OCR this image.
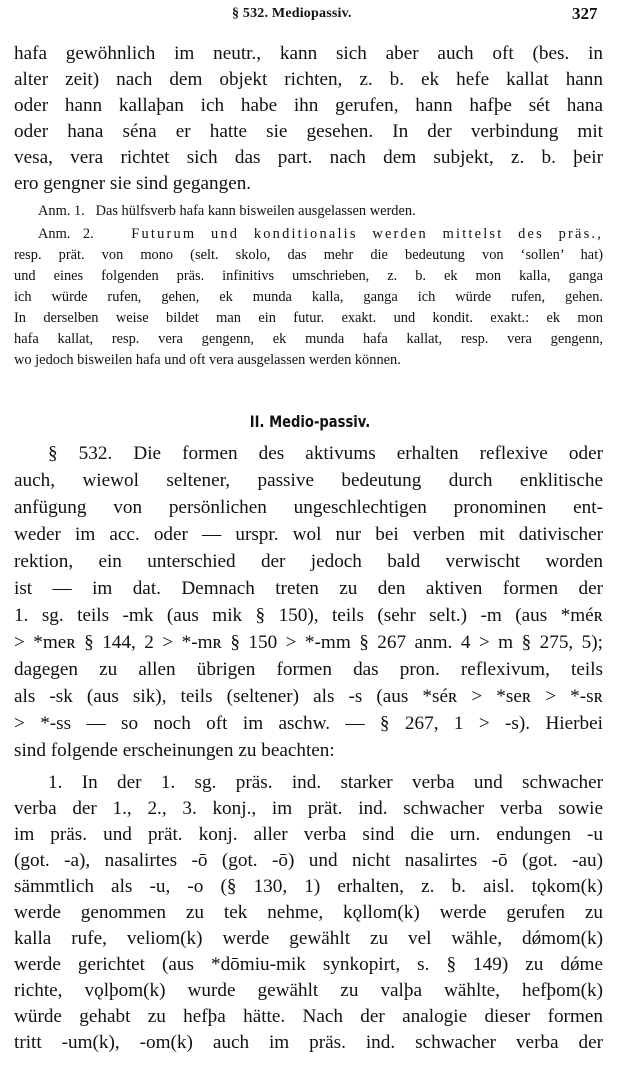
§ 532. Mediopassiv.	327
hafa gewöhnlich im neutr., kann sich aber auch oft (bes. in
alter zeit) nach dem objekt richten, z. b. ek hefe kallat hann
oder hann kallaþan ich habe ihn gerufen, hann hafþe sét hana
oder hana séna er hatte sie gesehen. In der verbindung mit
vesa, vera richtet sich das part. nach dem subjekt, z. b. þeir
ero gengner sie sind gegangen.
Anm. 1. Das hülfsverb hafa kann bisweilen ausgelassen werden.
Anm. 2.	Futurum und konditionalis werden mittelst des präs.,
resp. prät. von mono (selt. skolo, das mehr die bedeutung von ‘sollen’ hat)
und eines folgenden präs. infinitivs umschrieben, z. b. ek mon kalla, ganga
ich würde rufen, gehen, ek munda kalla, ganga ich würde rufen, gehen.
In derselben weise bildet man ein futur. exakt. und kondit. exakt.: ek mon
hafa kallat, resp. vera gengenn, ek munda hafa kallat, resp. vera gengenn,
wo jedoch bisweilen hafa und oft vera ausgelassen werden können.
II. Medio-passiv.
§ 532. Die formen des aktivums erhalten reflexive oder
auch, wiewol seltener, passive bedeutung durch enklitische
anfügung von persönlichen ungeschlechtigen pronominen ent-
weder im acc. oder — urspr. wol nur bei verben mit dativischer
rektion, ein unterschied der jedoch bald verwischt worden
ist — im dat. Demnach treten zu den aktiven formen der
1. sg. teils -mk (aus mik § 150), teils (sehr selt.) -m (aus *méʀ
> *meʀ § 144, 2 > *-mʀ § 150 > *-mm § 267 anm. 4 > m § 275, 5);
dagegen zu allen übrigen formen das pron. reflexivum, teils
als -sk (aus sik), teils (seltener) als -s (aus *séʀ > *seʀ > *-sʀ
> *-ss — so noch oft im aschw. — § 267, 1 > -s). Hierbei
sind folgende erscheinungen zu beachten:
1. In der 1. sg. präs. ind. starker verba und schwacher
verba der 1., 2., 3. konj., im prät. ind. schwacher verba sowie
im präs. und prät. konj. aller verba sind die urn. endungen -u
(got. -a), nasalirtes -ō (got. -ō) und nicht nasalirtes -ō (got. -au)
sämmtlich als -u, -o (§ 130, 1) erhalten, z. b. aisl. tǫkom(k)
werde genommen zu tek nehme, kǫllom(k) werde gerufen zu
kalla rufe, veliom(k) werde gewählt zu vel wähle, dǿmom(k)
werde gerichtet (aus *dōmiu-mik synkopirt, s. § 149) zu dǿme
richte, vǫlþom(k) wurde gewählt zu valþa wählte, hefþom(k)
würde gehabt zu hefþa hätte. Nach der analogie dieser formen
tritt -um(k), -om(k) auch im präs. ind. schwacher verba der
